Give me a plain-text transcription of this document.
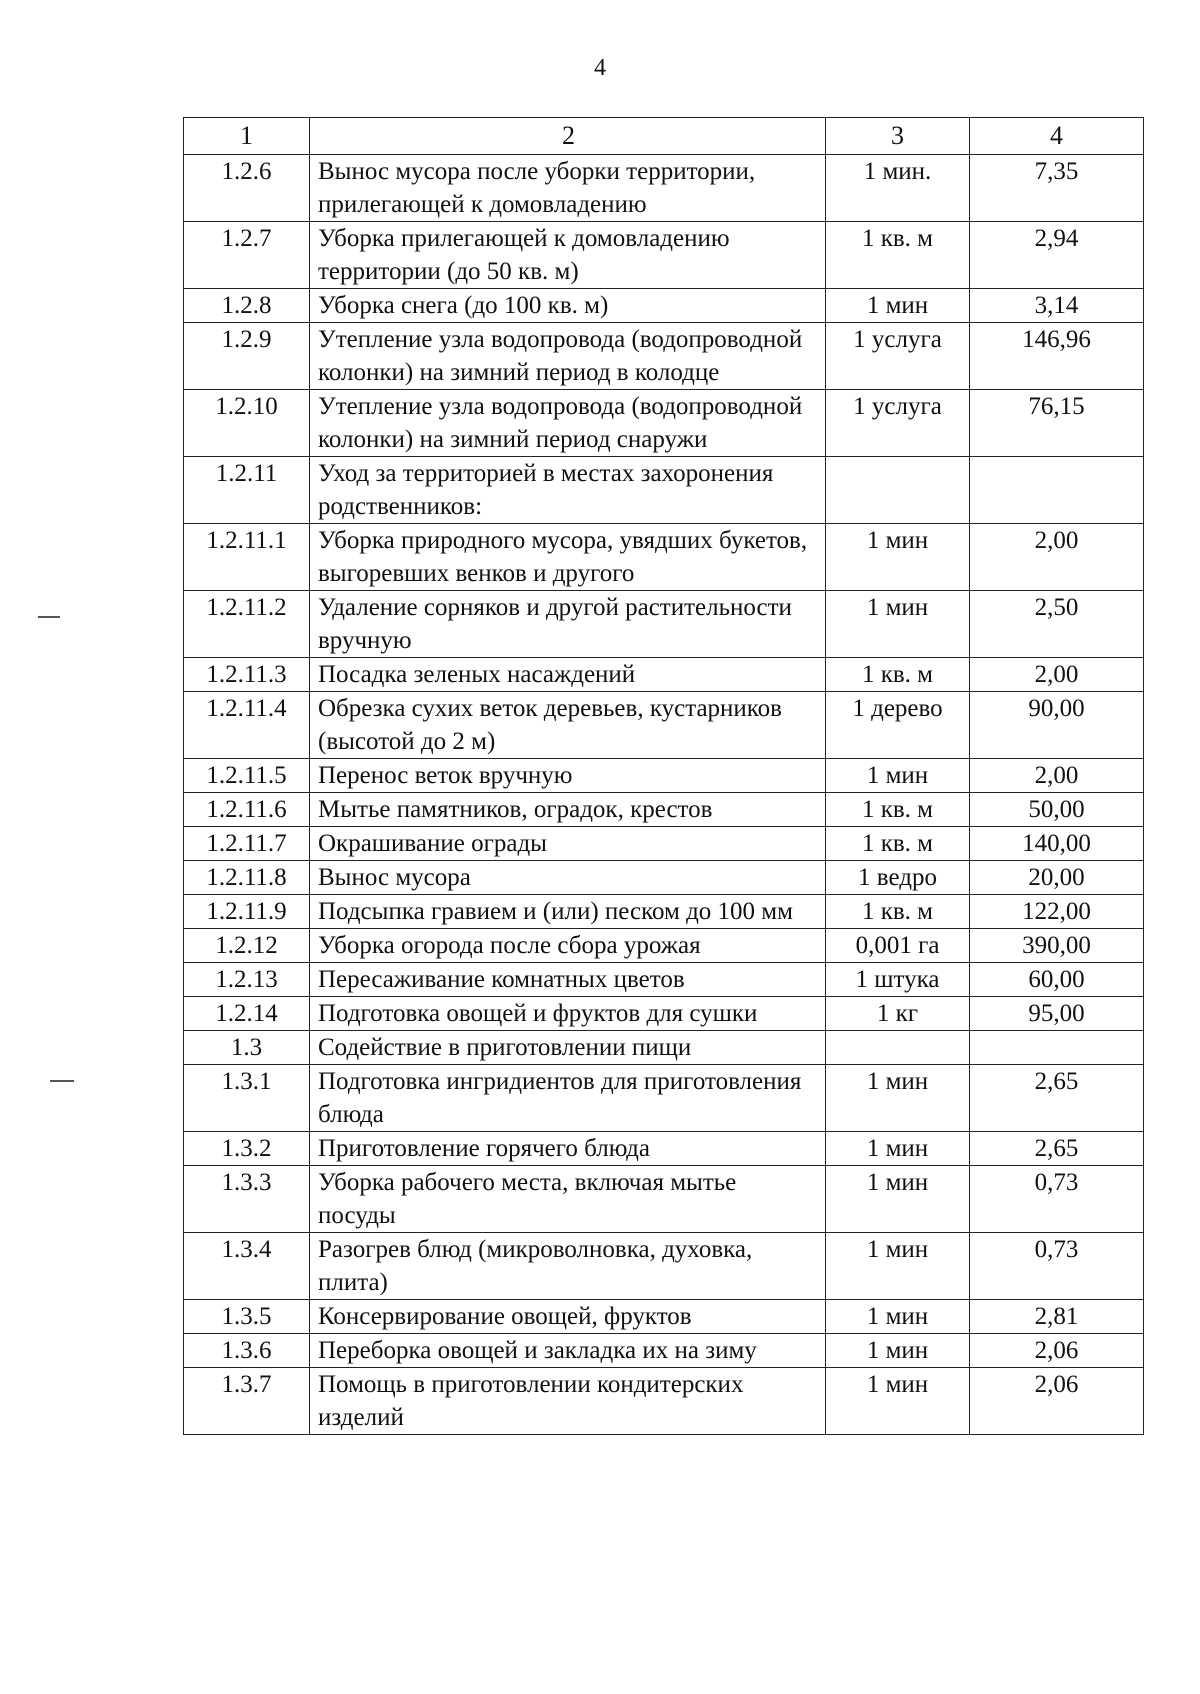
4
1	2	3	4
1.2.6	Вынос мусора после уборки территории, прилегающей к домовладению	1 мин.	7,35
1.2.7	Уборка прилегающей к домовладению территории (до 50 кв. м)	1 кв. м	2,94
1.2.8	Уборка снега (до 100 кв. м)	1 мин	3,14
1.2.9	Утепление узла водопровода (водопроводной колонки) на зимний период в колодце	1 услуга	146,96
1.2.10	Утепление узла водопровода (водопроводной колонки) на зимний период снаружи	1 услуга	76,15
1.2.11	Уход за территорией в местах захоронения родственников:		
1.2.11.1	Уборка природного мусора, увядших букетов, выгоревших венков и другого	1 мин	2,00
1.2.11.2	Удаление сорняков и другой растительности вручную	1 мин	2,50
1.2.11.3	Посадка зеленых насаждений	1 кв. м	2,00
1.2.11.4	Обрезка сухих веток деревьев, кустарников (высотой до 2 м)	1 дерево	90,00
1.2.11.5	Перенос веток вручную	1 мин	2,00
1.2.11.6	Мытье памятников, оградок, крестов	1 кв. м	50,00
1.2.11.7	Окрашивание ограды	1 кв. м	140,00
1.2.11.8	Вынос мусора	1 ведро	20,00
1.2.11.9	Подсыпка гравием и (или) песком до 100 мм	1 кв. м	122,00
1.2.12	Уборка огорода после сбора урожая	0,001 га	390,00
1.2.13	Пересаживание комнатных цветов	1 штука	60,00
1.2.14	Подготовка овощей и фруктов для сушки	1 кг	95,00
1.3	Содействие в приготовлении пищи		
1.3.1	Подготовка ингридиентов для приготовления блюда	1 мин	2,65
1.3.2	Приготовление горячего блюда	1 мин	2,65
1.3.3	Уборка рабочего места, включая мытье посуды	1 мин	0,73
1.3.4	Разогрев блюд (микроволновка, духовка, плита)	1 мин	0,73
1.3.5	Консервирование овощей, фруктов	1 мин	2,81
1.3.6	Переборка овощей и закладка их на зиму	1 мин	2,06
1.3.7	Помощь в приготовлении кондитерских изделий	1 мин	2,06
